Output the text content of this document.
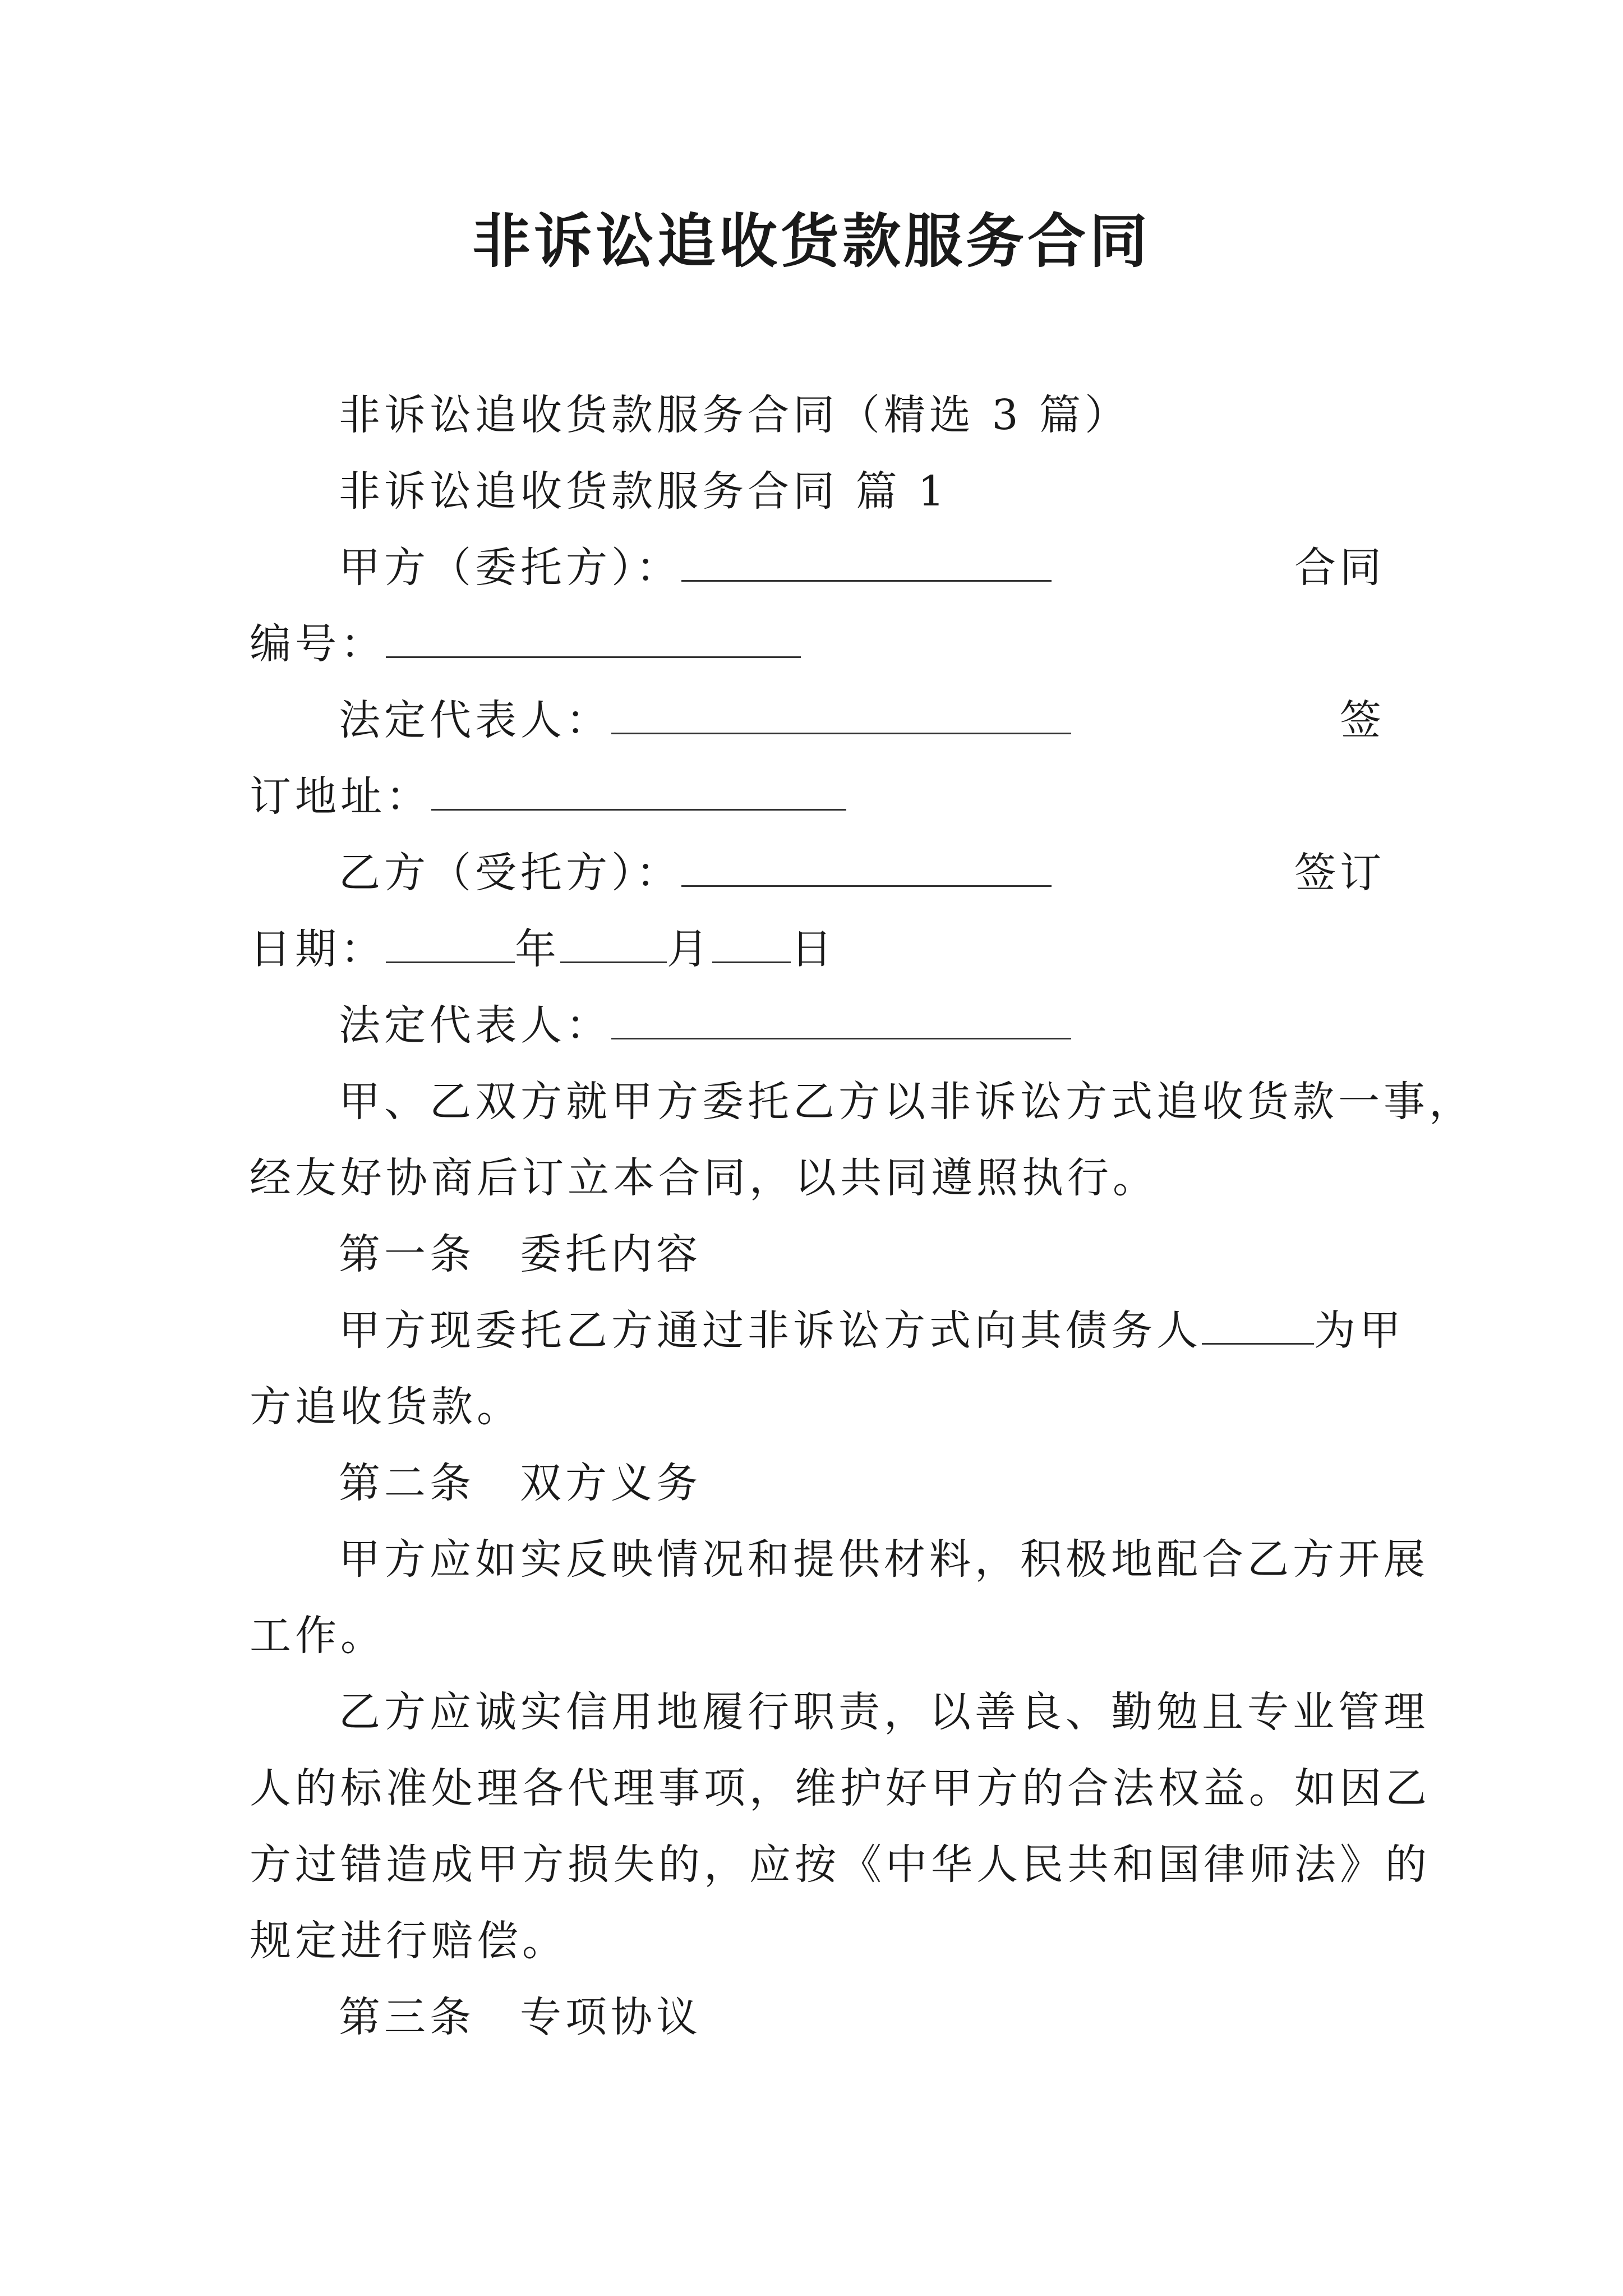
非诉讼追收货款服务合同
非诉讼追收货款服务合同（精选 3 篇）
非诉讼追收货款服务合同 篇 1
甲方（委托方）：	合同
编号：
法定代表人：	签
订地址：
乙方（受托方）：	签订
日期：	年	月 日
法定代表人：
甲、乙双方就甲方委托乙方以非诉讼方式追收货款一事，
经友好协商后订立本合同，以共同遵照执行。
第一条 委托内容
甲方现委托乙方通过非诉讼方式向其债务人	为甲
方追收货款。
第二条 双方义务
甲方应如实反映情况和提供材料，积极地配合乙方开展
工作。
乙方应诚实信用地履行职责，以善良、勤勉且专业管理
人的标准处理各代理事项，维护好甲方的合法权益。如因乙
方过错造成甲方损失的，应按《中华人民共和国律师法》的
规定进行赔偿。
第三条 专项协议
